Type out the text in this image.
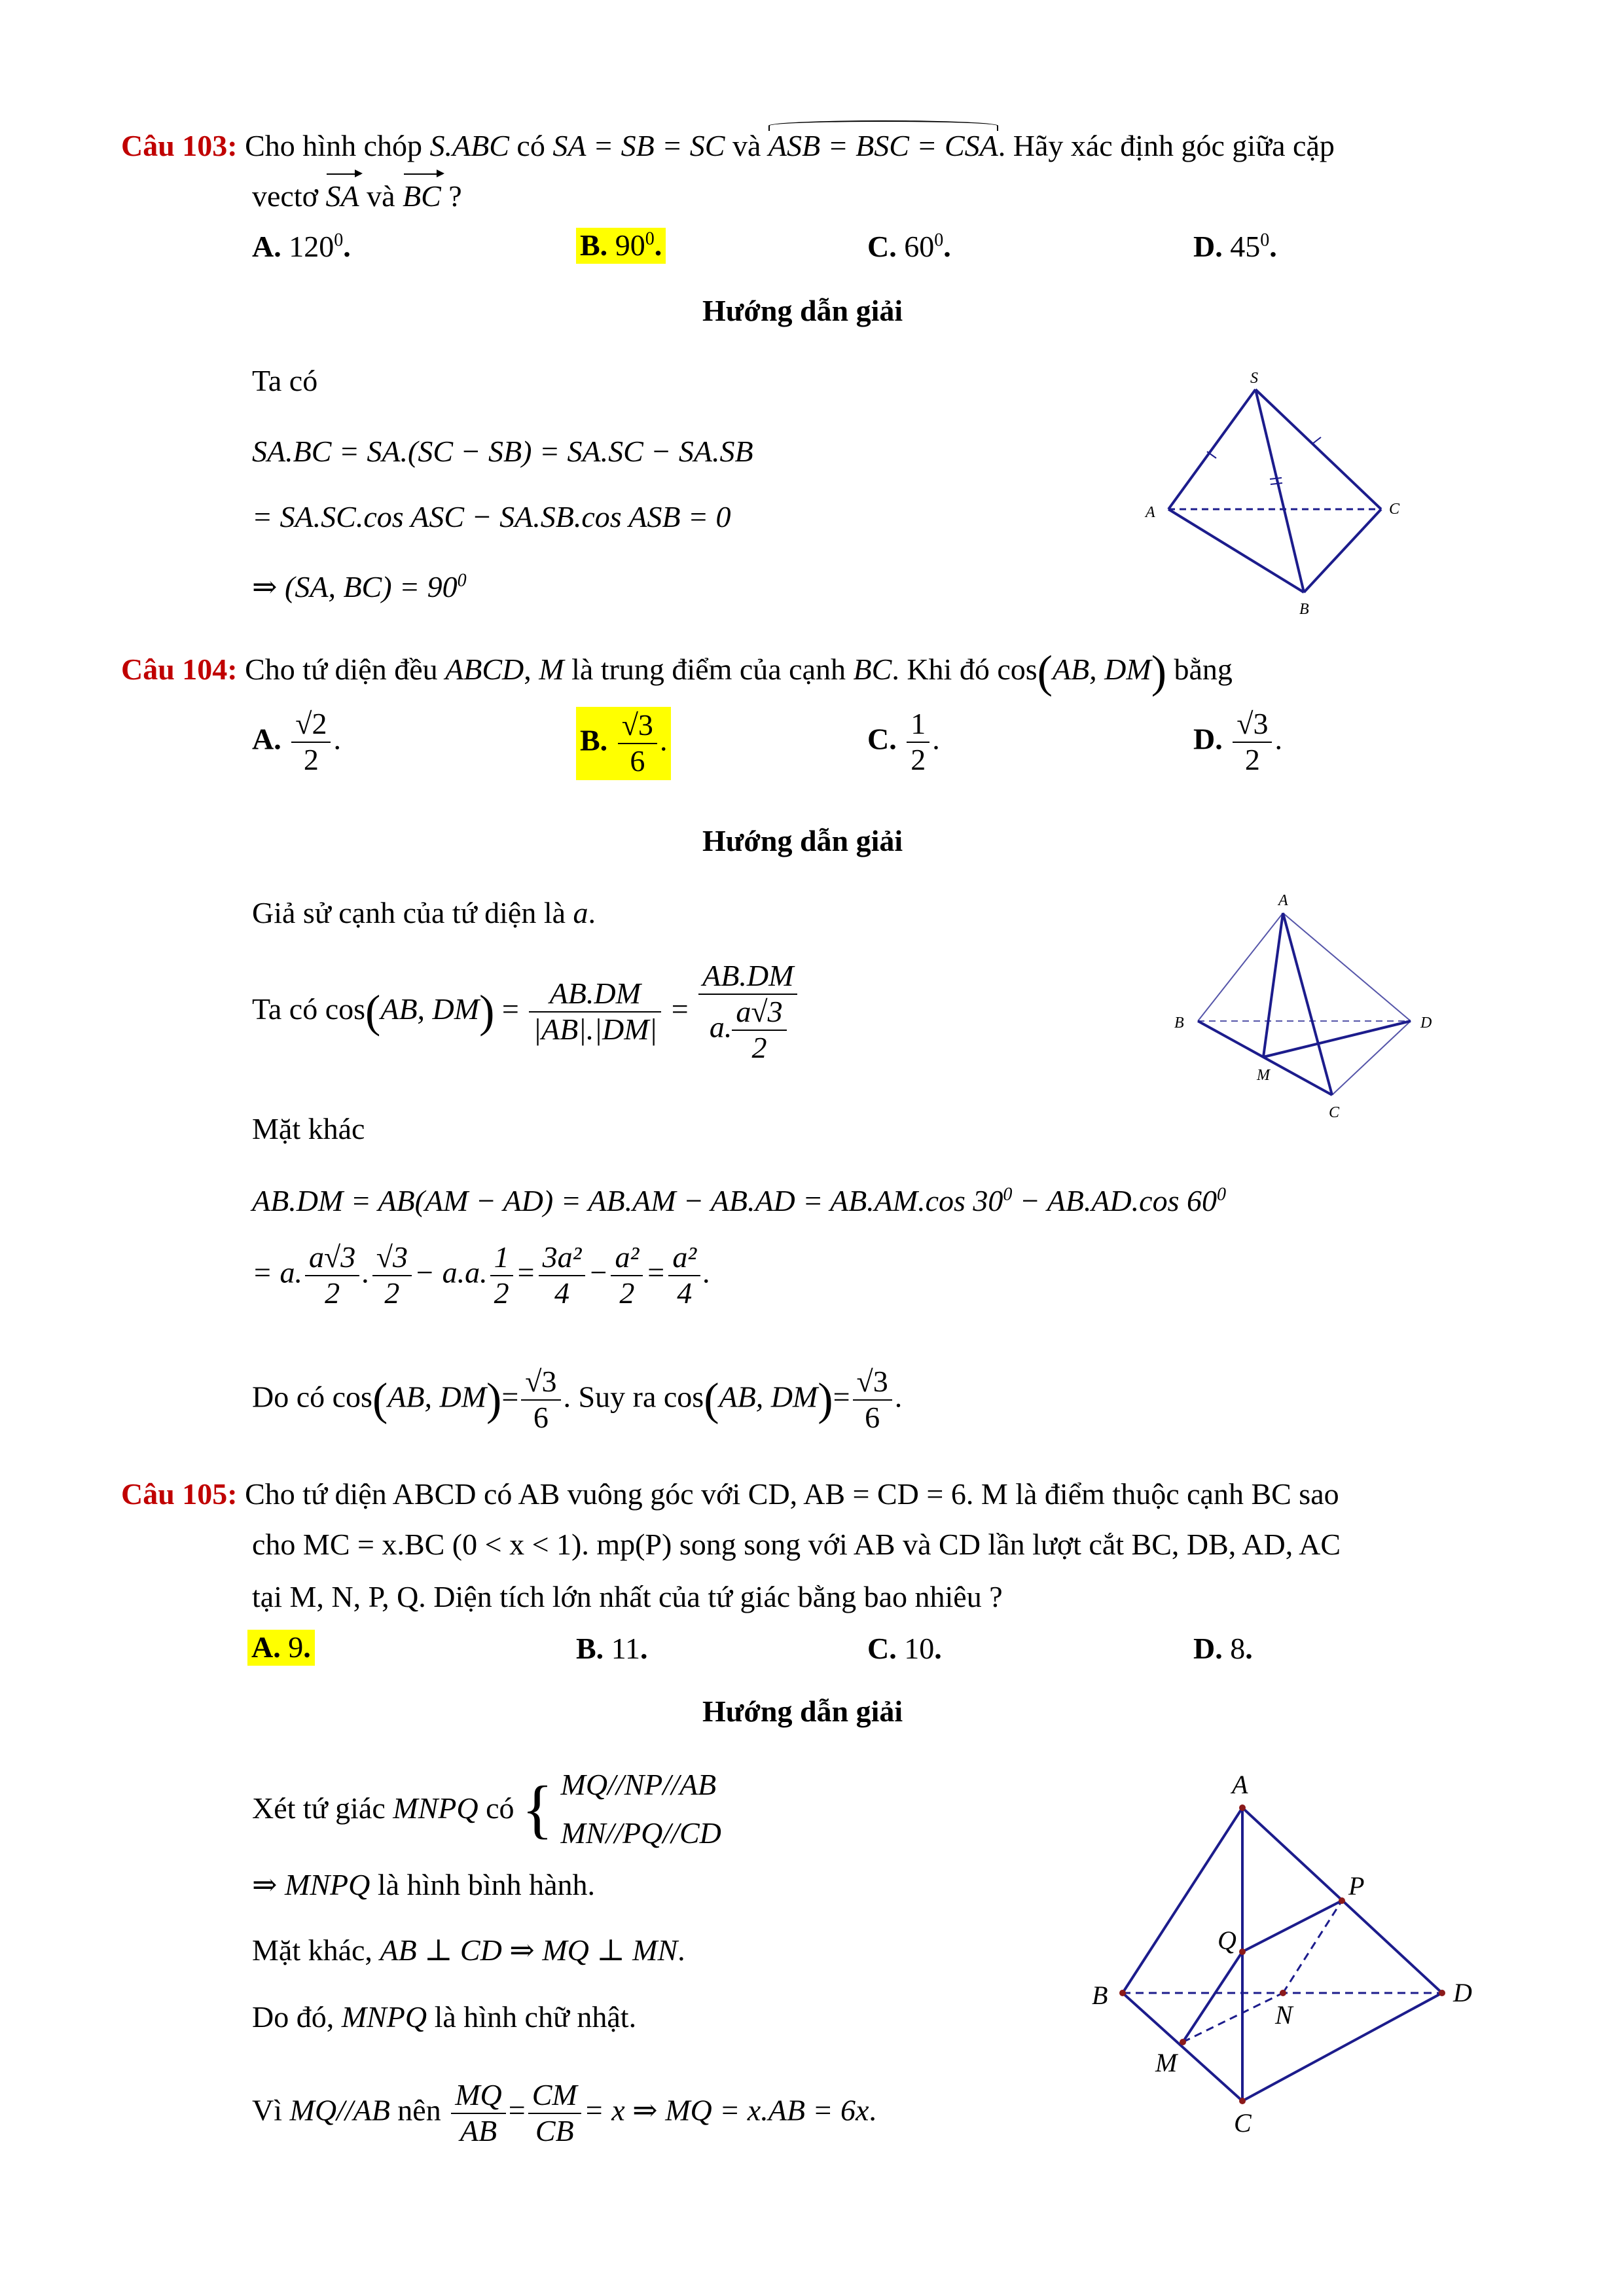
Câu 103: Cho hình chóp S.ABC có SA = SB = SC và ASB = BSC = CSA. Hãy xác định góc giữa cặp
vectơ SA và BC ?
A. $120^0$.	B. $90^0$.	C. $60^0$.	D. $45^0$.
Hướng dẫn giải
Ta có
SA.BC = SA.(SC − SB) = SA.SC − SA.SB
= SA.SC.cos ASC − SA.SB.cos ASB = 0
⇒ (SA, $BC) = 90^0$
S
A	C
B
Câu 104: Cho tứ diện đều ABCD, M là trung điểm của cạnh BC. Khi đó cos(AB, DM) bằng
A. $\frac{√2}{2}$ .	B. $\frac{√3}{6}$ .	C. $\frac{1}{2}$ .	D. $\frac{√3}{2}$ .
Hướng dẫn giải
Giả sử cạnh của tứ diện là a.
Ta có cos(AB, $DM) = \frac{AB.DM}{|AB|.|DM|} = \frac{AB.DM}{a. \frac{a√3}{2}}$
Mặt khác
AB.DM = AB(AM − AD) = AB.AM − AB.AD = AB.AM.cos $30^0 - AB.AD.\cos$ $60^0$
= a. $\frac{a√3}{2}$ . $\frac{√3}{2} - a.a$. $\frac{1}{2} = \frac{\text{3a²}}{4} - \frac{\text{a²}}{2} = \frac{\text{a²}}{4}$ .
Do có cos(AB, $DM)= \frac{√3}{6}$ . Suy ra cos(AB, $DM)= \frac{√3}{6}$ .
A
B	D
M
C
Câu 105: Cho tứ diện ABCD có AB vuông góc với CD, AB = CD = 6. M là điểm thuộc cạnh BC sao
cho MC = x.BC (0 < x < 1). mp(P) song song với AB và CD lần lượt cắt BC, DB, AD, AC
tại M, N, P, Q. Diện tích lớn nhất của tứ giác bằng bao nhiêu ?
A. 9.	B. 11.	C. 10.	D. 8.
Hướng dẫn giải
Xét tứ giác MNPQ có { MQ//NP//AB
MN//PQ//CD
⇒ MNPQ là hình bình hành.
Mặt khác, AB ⊥ CD ⇒ MQ ⊥ MN.
Do đó, MNPQ là hình chữ nhật.
Vì MQ//AB nên $\frac{MQ}{AB} = \frac{CM}{CB} = x$ ⇒ MQ = x.AB = 6x.
A
B	D
C
M
N
P
Q
